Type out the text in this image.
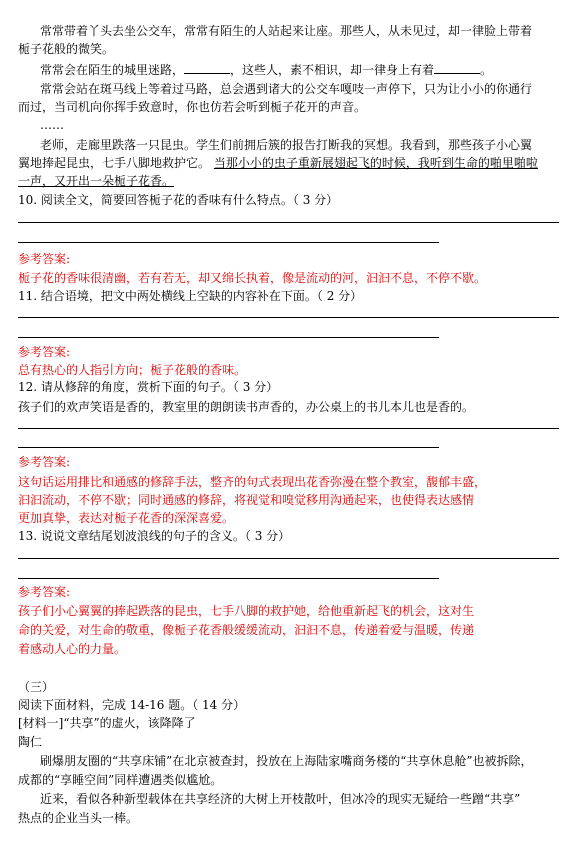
常常带着丫头去坐公交车，常常有陌生的人站起来让座。那些人，从未见过，却一律脸上带着
栀子花般的微笑。
常常会在陌生的城里迷路，	，这些人，素不相识，却一律身上有着	。
常常会站在斑马线上等着过马路，总会遇到诸大的公交车嘎吱一声停下，只为让小小的你通行
而过，当司机向你挥手致意时，你也仿若会听到栀子花开的声音。
……
老师，走廊里跌落一只昆虫。学生们前拥后簇的报告打断我的冥想。我看到，那些孩子小心翼
翼地捧起昆虫，七手八脚地救护它。 当那小小的虫子重新展翅起飞的时候，我听到生命的啪里啪啦
一声，又开出一朵栀子花香。
10. 阅读全文，简要回答栀子花的香味有什么特点。（ 3 分）
参考答案:
栀子花的香味很清幽，若有若无，却又绵长执着，像是流动的河，汩汩不息，不停不歇。
11. 结合语境，把文中两处横线上空缺的内容补在下面。（ 2 分）
参考答案:
总有热心的人指引方向；栀子花般的香味。
12. 请从修辞的角度，赏析下面的句子。（ 3 分）
孩子们的欢声笑语是香的，教室里的朗朗读书声香的，办公桌上的书儿本儿也是香的。
参考答案:
这句话运用排比和通感的修辞手法，整齐的句式表现出花香弥漫在整个教室，馥郁丰盛，
汩汩流动，不停不歇；同时通感的修辞，将视觉和嗅觉移用沟通起来，也使得表达感情
更加真挚，表达对栀子花香的深深喜爱。
13. 说说文章结尾划波浪线的句子的含义。（ 3 分）
参考答案:
孩子们小心翼翼的捧起跌落的昆虫，七手八脚的救护她，给他重新起飞的机会，这对生
命的关爱，对生命的敬重，像栀子花香般缓缓流动，汩汩不息，传递着爱与温暖，传递
着感动人心的力量。
（三）
阅读下面材料，完成 14-16 题。（ 14 分）
[材料一]“共享”的虚火，该降降了
陶仁
刷爆朋友圈的“共享床铺”在北京被查封，投放在上海陆家嘴商务楼的“共享休息舱”也被拆除，
成都的“享睡空间”同样遭遇类似尴尬。
近来，看似各种新型载体在共享经济的大树上开枝散叶，但冰冷的现实无疑给一些蹭“共享”
热点的企业当头一棒。
